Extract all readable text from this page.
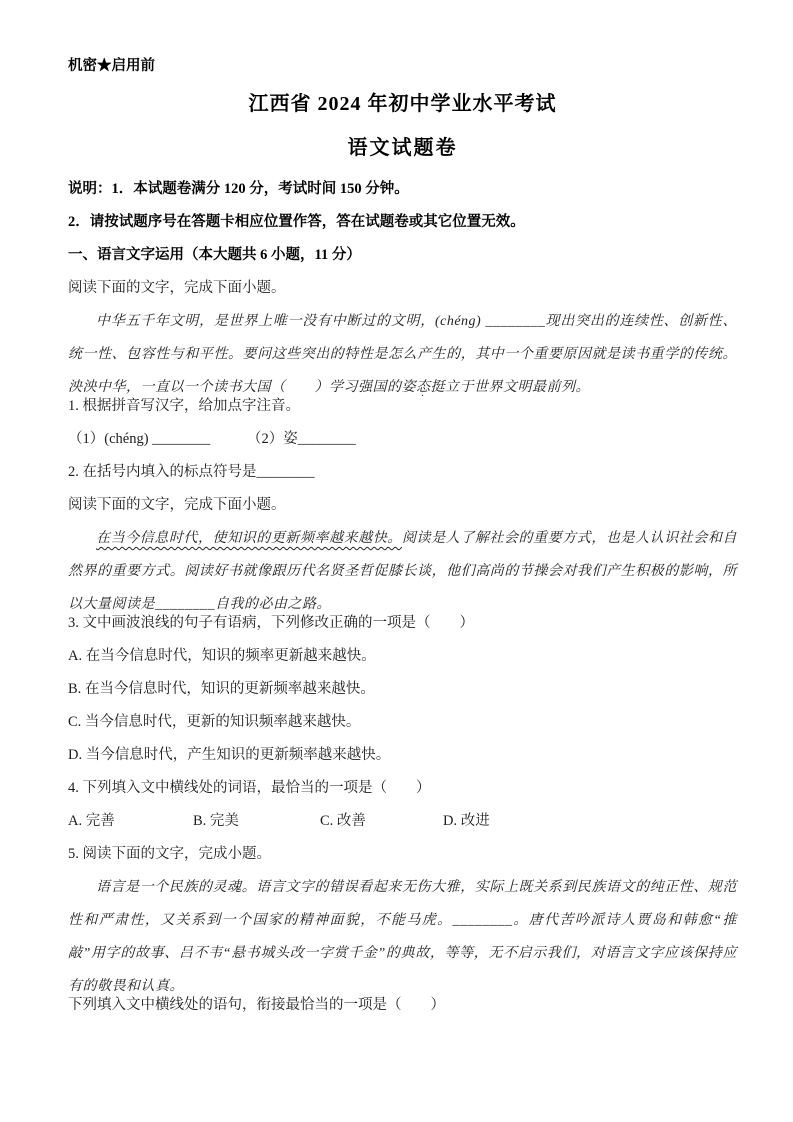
机密★启用前
江西省 2024 年初中学业水平考试
语文试题卷
说明：1．本试题卷满分 120 分，考试时间 150 分钟。
2．请按试题序号在答题卡相应位置作答，答在试题卷或其它位置无效。
一、语言文字运用（本大题共 6 小题，11 分）
阅读下面的文字，完成下面小题。

中华五千年文明，是世界上唯一没有中断过的文明，(chéng) ________现出突出的连续性、创新性、统一性、包容性与和平性。要问这些突出的特性是怎么产生的，其中一个重要原因就是读书重学的传统。泱泱中华，一直以一个读书大国（　　）学习强国的姿态挺立于世界文明最前列。

1. 根据拼音写汉字，给加点字注音。
（1）(chéng) ________	（2）姿________
2. 在括号内填入的标点符号是________
阅读下面的文字，完成下面小题。

在当今信息时代，使知识的更新频率越来越快。阅读是人了解社会的重要方式，也是人认识社会和自然界的重要方式。阅读好书就像跟历代名贤圣哲促膝长谈，他们高尚的节操会对我们产生积极的影响，所以大量阅读是________自我的必由之路。

3. 文中画波浪线的句子有语病，下列修改正确的一项是（　　）
A. 在当今信息时代，知识的频率更新越来越快。
B. 在当今信息时代，知识的更新频率越来越快。
C. 当今信息时代，更新的知识频率越来越快。
D. 当今信息时代，产生知识的更新频率越来越快。
4. 下列填入文中横线处的词语，最恰当的一项是（　　）
A. 完善	B. 完美	C. 改善	D. 改进
5. 阅读下面的文字，完成小题。

语言是一个民族的灵魂。语言文字的错误看起来无伤大雅，实际上既关系到民族语文的纯正性、规范性和严肃性，又关系到一个国家的精神面貌，不能马虎。________。唐代苦吟派诗人贾岛和韩愈“推敲”用字的故事、吕不韦“悬书城头改一字赏千金”的典故，等等，无不启示我们，对语言文字应该保持应有的敬畏和认真。

下列填入文中横线处的语句，衔接最恰当的一项是（　　）
